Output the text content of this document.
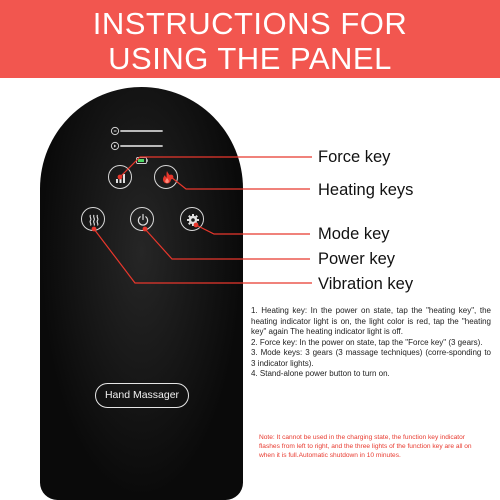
INSTRUCTIONS FOR
USING THE PANEL
Hand Massager
Force key
Heating keys
Mode key
Power key
Vibration key

1. Heating key: In the power on state, tap the "heating key", the heating indicator light is on, the light color is red, tap the "heating key" again The heating indicator light is off.

2. Force key: In the power on state, tap the "Force key" (3 gears).

3. Mode keys: 3 gears (3 massage techniques) (corre-sponding to 3 indicator lights).

4. Stand-alone power button to turn on.

Note: It cannot be used in the charging state, the function key indicator flashes from left to right, and the three lights of the function key are all on when it is full.Automatic shutdown in 10 minutes.
